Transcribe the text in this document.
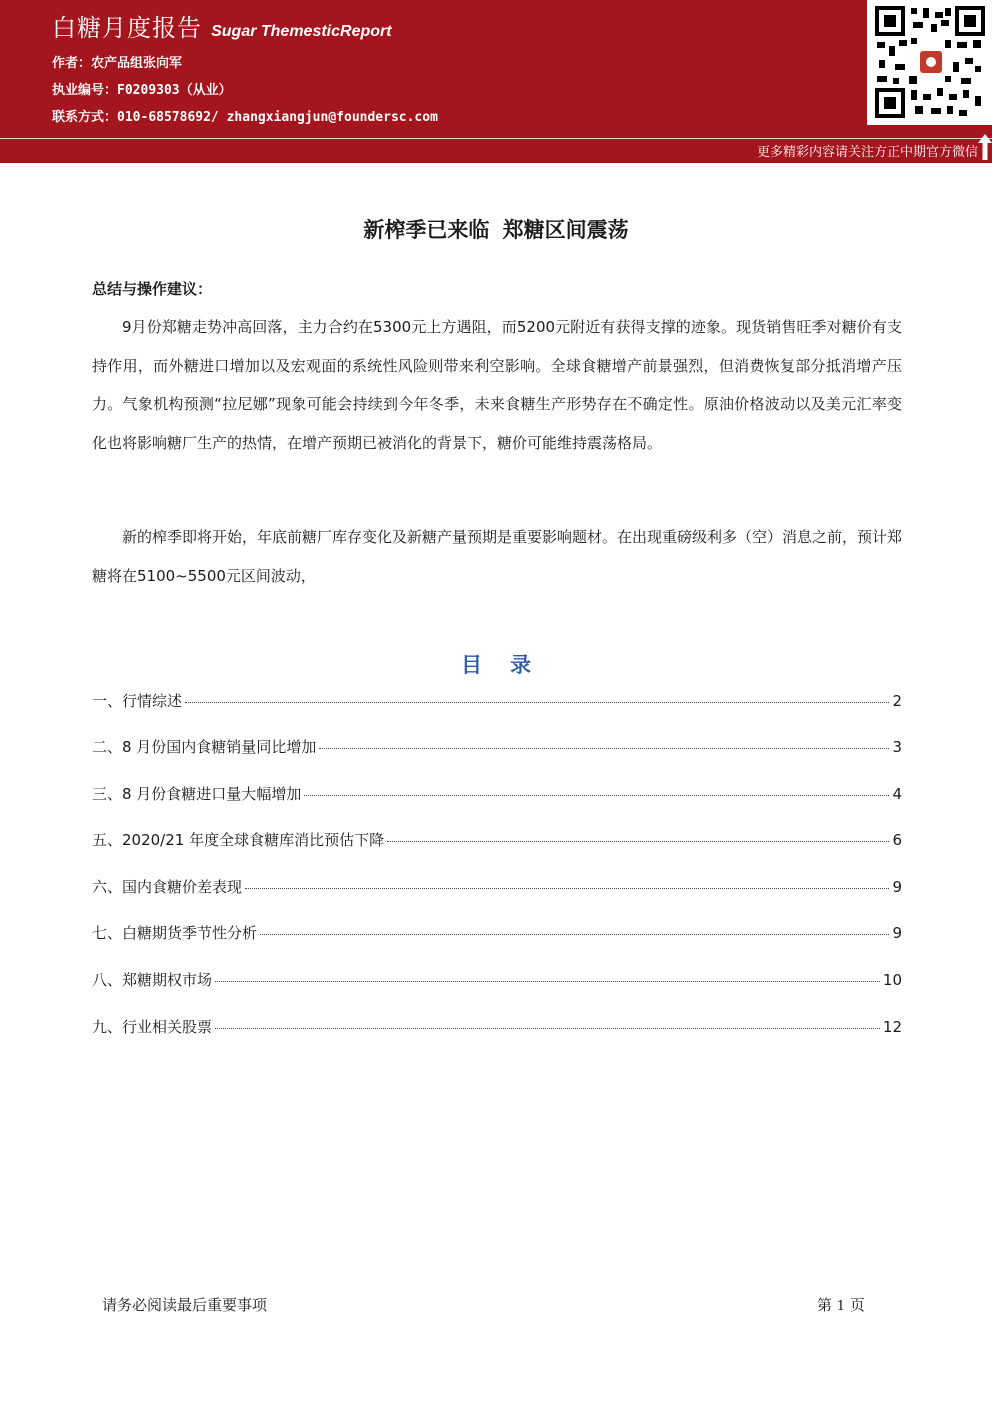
白糖月度报告 Sugar ThemesticReport
作者：农产品组张向军
执业编号：F0209303（从业）
联系方式：010-68578692/ zhangxiangjun@foundersc.com
更多精彩内容请关注方正中期官方微信
新榨季已来临 郑糖区间震荡
总结与操作建议：
9月份郑糖走势冲高回落，主力合约在5300元上方遇阻，而5200元附近有获得支撑的迹象。现货销售旺季对糖价有支持作用，而外糖进口增加以及宏观面的系统性风险则带来利空影响。全球食糖增产前景强烈，但消费恢复部分抵消增产压力。气象机构预测“拉尼娜”现象可能会持续到今年冬季，未来食糖生产形势存在不确定性。原油价格波动以及美元汇率变化也将影响糖厂生产的热情，在增产预期已被消化的背景下，糖价可能维持震荡格局。
新的榨季即将开始，年底前糖厂库存变化及新糖产量预期是重要影响题材。在出现重磅级利多（空）消息之前，预计郑糖将在5100~5500元区间波动，
目录
一、行情综述	2
二、8 月份国内食糖销量同比增加	3
三、8 月份食糖进口量大幅增加	4
五、2020/21 年度全球食糖库消比预估下降	6
六、国内食糖价差表现	9
七、白糖期货季节性分析	9
八、郑糖期权市场	10
九、行业相关股票	12
请务必阅读最后重要事项	第 1 页
